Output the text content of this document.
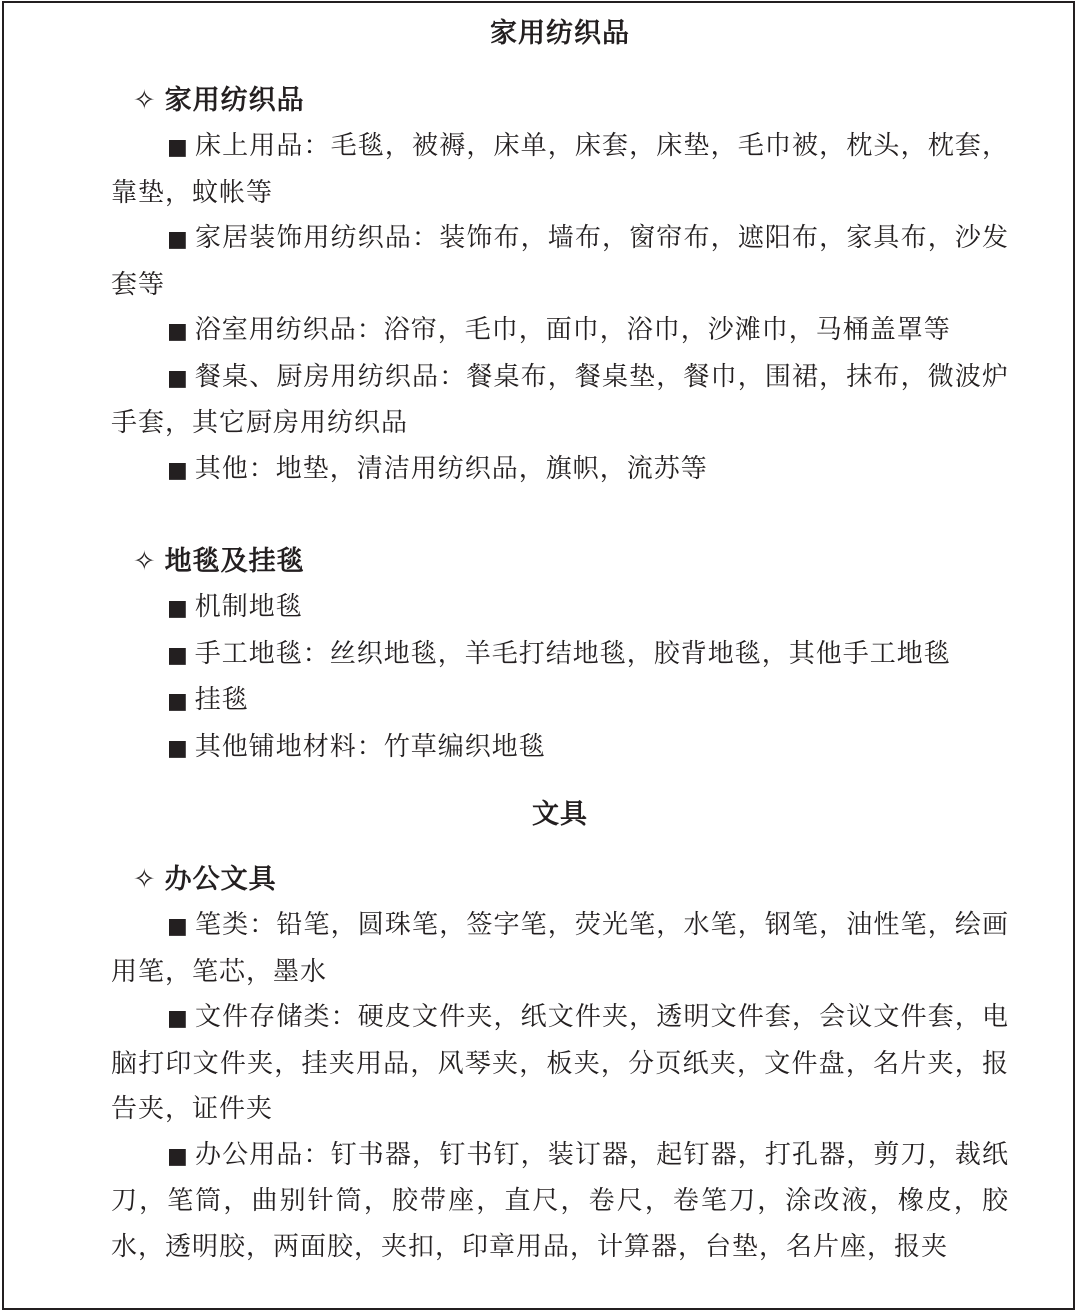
家用纺织品
✧ 家用纺织品
■ 床上用品：毛毯，被褥，床单，床套，床垫，毛巾被，枕头，枕套，靠垫，蚊帐等
■ 家居装饰用纺织品：装饰布，墙布，窗帘布，遮阳布，家具布，沙发套等
■ 浴室用纺织品：浴帘，毛巾，面巾，浴巾，沙滩巾，马桶盖罩等
■ 餐桌、厨房用纺织品：餐桌布，餐桌垫，餐巾，围裙，抹布，微波炉手套，其它厨房用纺织品
■ 其他：地垫，清洁用纺织品，旗帜，流苏等
✧ 地毯及挂毯
■ 机制地毯
■ 手工地毯：丝织地毯，羊毛打结地毯，胶背地毯，其他手工地毯
■ 挂毯
■ 其他铺地材料：竹草编织地毯
文具
✧ 办公文具
■ 笔类：铅笔，圆珠笔，签字笔，荧光笔，水笔，钢笔，油性笔，绘画用笔，笔芯，墨水
■ 文件存储类：硬皮文件夹，纸文件夹，透明文件套，会议文件套，电脑打印文件夹，挂夹用品，风琴夹，板夹，分页纸夹，文件盘，名片夹，报告夹，证件夹
■ 办公用品：钉书器，钉书钉，装订器，起钉器，打孔器，剪刀，裁纸刀，笔筒，曲别针筒，胶带座，直尺，卷尺，卷笔刀，涂改液，橡皮，胶水，透明胶，两面胶，夹扣，印章用品，计算器，台垫，名片座，报夹
